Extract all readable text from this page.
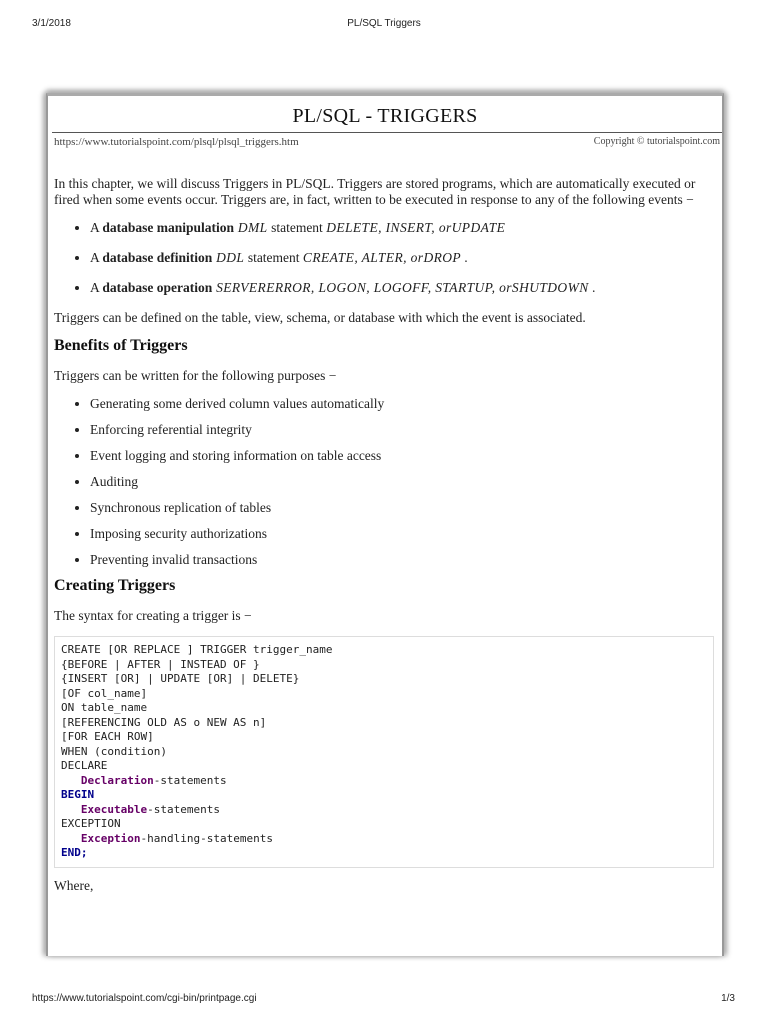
3/1/2018	PL/SQL Triggers
PL/SQL - TRIGGERS
https://www.tutorialspoint.com/plsql/plsql_triggers.htm	Copyright © tutorialspoint.com

In this chapter, we will discuss Triggers in PL/SQL. Triggers are stored programs, which are automatically executed or fired when some events occur. Triggers are, in fact, written to be executed in response to any of the following events −

• A database manipulation DML statement DELETE, INSERT, orUPDATE
• A database definition DDL statement CREATE, ALTER, orDROP .
• A database operation SERVERERROR, LOGON, LOGOFF, STARTUP, orSHUTDOWN .

Triggers can be defined on the table, view, schema, or database with which the event is associated.

Benefits of Triggers

Triggers can be written for the following purposes −

• Generating some derived column values automatically
• Enforcing referential integrity
• Event logging and storing information on table access
• Auditing
• Synchronous replication of tables
• Imposing security authorizations
• Preventing invalid transactions
Creating Triggers

The syntax for creating a trigger is −

CREATE [OR REPLACE ] TRIGGER trigger_name
{BEFORE | AFTER | INSTEAD OF }
{INSERT [OR] | UPDATE [OR] | DELETE}
[OF col_name]
ON table_name
[REFERENCING OLD AS o NEW AS n]
[FOR EACH ROW]
WHEN (condition)
DECLARE
Declaration-statements
BEGIN
Executable-statements
EXCEPTION
Exception-handling-statements
END;

Where,

https://www.tutorialspoint.com/cgi-bin/printpage.cgi	1/3
